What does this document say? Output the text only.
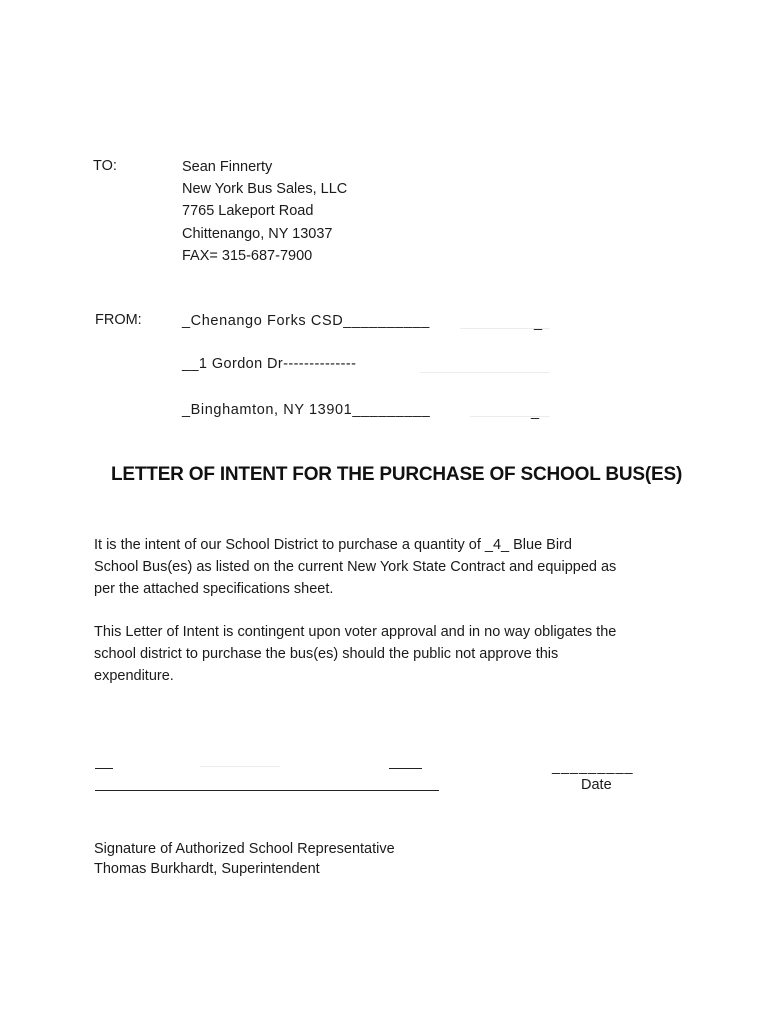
TO:	Sean Finnerty
New York Bus Sales, LLC
7765 Lakeport Road
Chittenango, NY 13037
FAX= 315-687-7900
FROM:	_Chenango Forks CSD__________	_
__1 Gordon Dr--------------
_Binghamton, NY 13901_________	_
LETTER OF INTENT FOR THE PURCHASE OF SCHOOL BUS(ES)
It is the intent of our School District to purchase a quantity of _4_ Blue Bird
School Bus(es) as listed on the current New York State Contract and equipped as
per the attached specifications sheet.
This Letter of Intent is contingent upon voter approval and in no way obligates the
school district to purchase the bus(es) should the public not approve this
expenditure.
_________
Date
Signature of Authorized School Representative
Thomas Burkhardt, Superintendent
